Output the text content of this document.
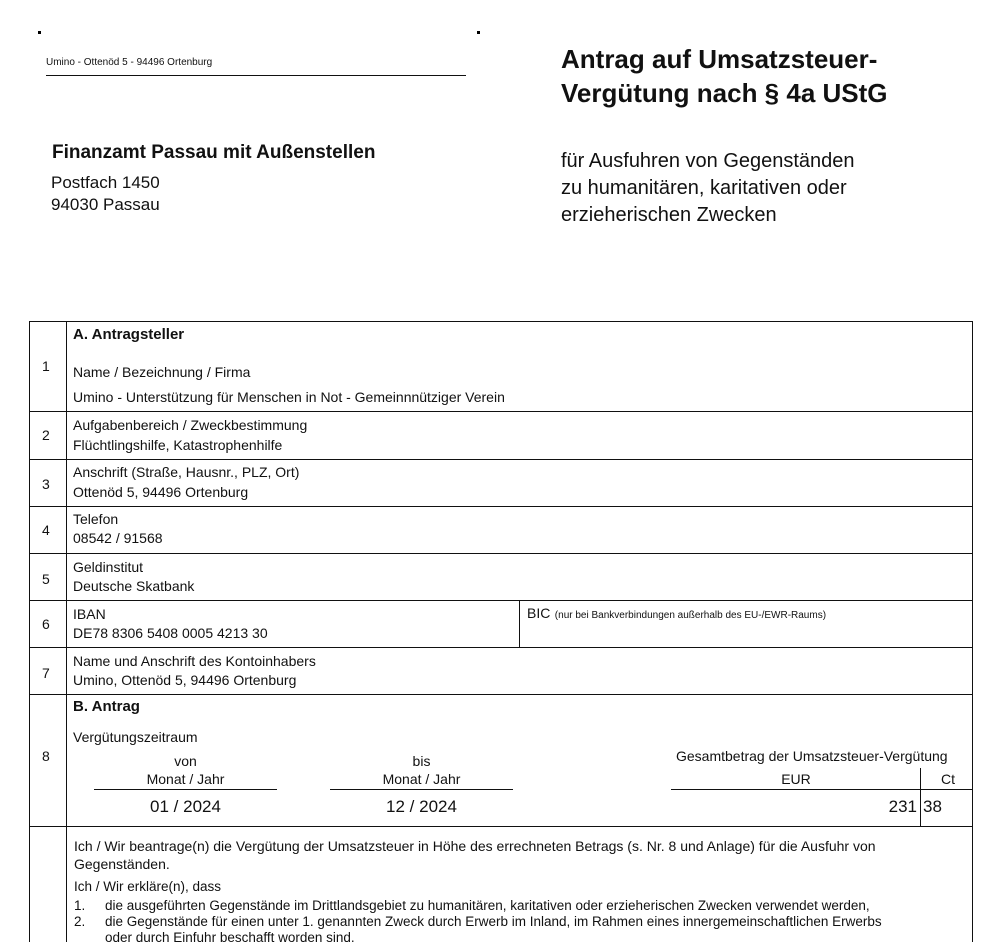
Umino - Ottenöd 5 - 94496 Ortenburg
Finanzamt Passau mit Außenstellen
Postfach 1450
94030 Passau
Antrag auf Umsatzsteuer-
Vergütung nach § 4a UStG
für Ausfuhren von Gegenständen
zu humanitären, karitativen oder
erzieherischen Zwecken
A. Antragsteller
1 Name / Bezeichnung / Firma
Umino - Unterstützung für Menschen in Not - Gemeinnnütziger Verein
2
Aufgabenbereich / Zweckbestimmung
Flüchtlingshilfe, Katastrophenhilfe
3
Anschrift (Straße, Hausnr., PLZ, Ort)
Ottenöd 5, 94496 Ortenburg
4
Telefon
08542 / 91568
5
Geldinstitut
Deutsche Skatbank
6
IBAN
DE78 8306 5408 0005 4213 30
BIC (nur bei Bankverbindungen außerhalb des EU-/EWR-Raums)
7
Name und Anschrift des Kontoinhabers
Umino, Ottenöd 5, 94496 Ortenburg
B. Antrag
8
Vergütungszeitraum
von
Monat / Jahr
01 / 2024
bis
Monat / Jahr
12 / 2024
Gesamtbetrag der Umsatzsteuer-Vergütung
EUR	Ct
231 38
Ich / Wir beantrage(n) die Vergütung der Umsatzsteuer in Höhe des errechneten Betrags (s. Nr. 8 und Anlage) für die Ausfuhr von
Gegenständen.
Ich / Wir erkläre(n), dass
1. die ausgeführten Gegenstände im Drittlandsgebiet zu humanitären, karitativen oder erzieherischen Zwecken verwendet werden,
2. die Gegenstände für einen unter 1. genannten Zweck durch Erwerb im Inland, im Rahmen eines innergemeinschaftlichen Erwerbs
oder durch Einfuhr beschafft worden sind.
